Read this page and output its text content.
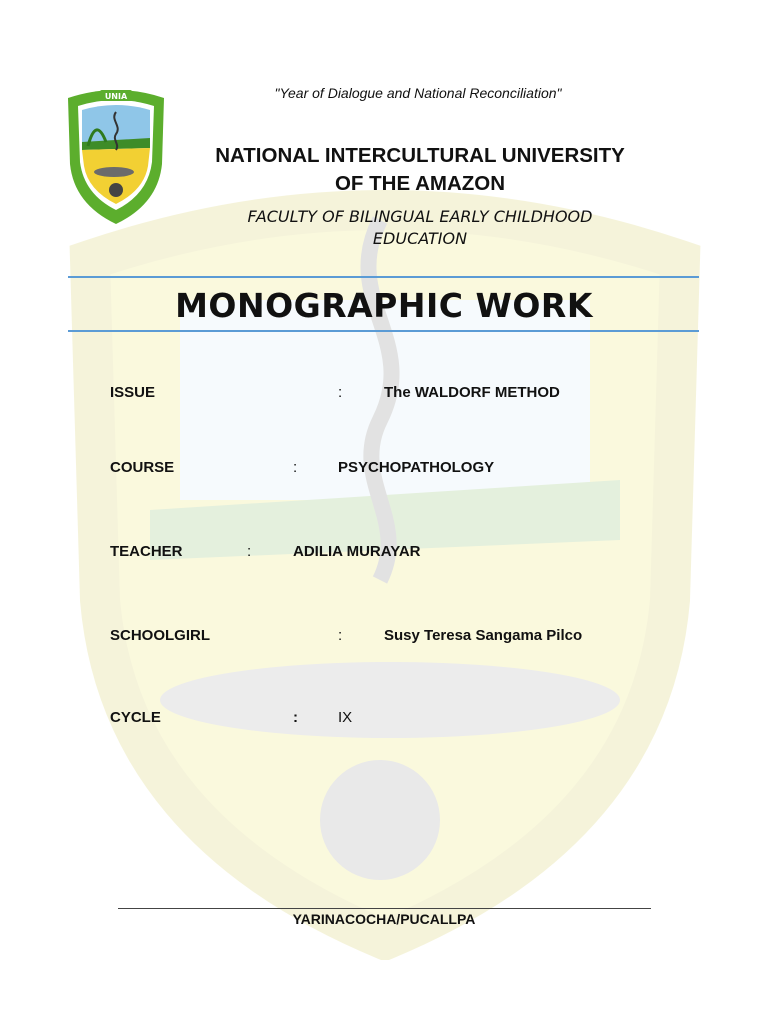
UNIA	"Year of Dialogue and National Reconciliation"
NATIONAL INTERCULTURAL UNIVERSITY
OF THE AMAZON
FACULTY OF BILINGUAL EARLY CHILDHOOD
EDUCATION
MONOGRAPHIC WORK
ISSUE	:	The WALDORF METHOD
COURSE	:	PSYCHOPATHOLOGY
TEACHER	:	ADILIA MURAYAR
SCHOOLGIRL	:	Susy Teresa Sangama Pilco
CYCLE	:	IX
YARINACOCHA/PUCALLPA
